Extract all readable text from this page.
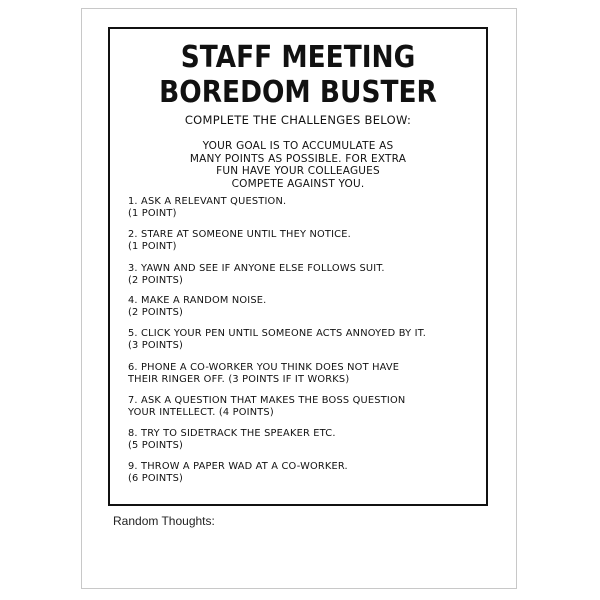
STAFF MEETING
BOREDOM BUSTER
COMPLETE THE CHALLENGES BELOW:
YOUR GOAL IS TO ACCUMULATE AS
MANY POINTS AS POSSIBLE. FOR EXTRA
FUN HAVE YOUR COLLEAGUES
COMPETE AGAINST YOU.
1. ASK A RELEVANT QUESTION.
(1 POINT)
2. STARE AT SOMEONE UNTIL THEY NOTICE.
(1 POINT)
3. YAWN AND SEE IF ANYONE ELSE FOLLOWS SUIT.
(2 POINTS)
4. MAKE A RANDOM NOISE.
(2 POINTS)
5. CLICK YOUR PEN UNTIL SOMEONE ACTS ANNOYED BY IT.
(3 POINTS)
6. PHONE A CO-WORKER YOU THINK DOES NOT HAVE
THEIR RINGER OFF. (3 POINTS IF IT WORKS)
7. ASK A QUESTION THAT MAKES THE BOSS QUESTION
YOUR INTELLECT. (4 POINTS)
8. TRY TO SIDETRACK THE SPEAKER ETC.
(5 POINTS)
9. THROW A PAPER WAD AT A CO-WORKER.
(6 POINTS)
Random Thoughts:
